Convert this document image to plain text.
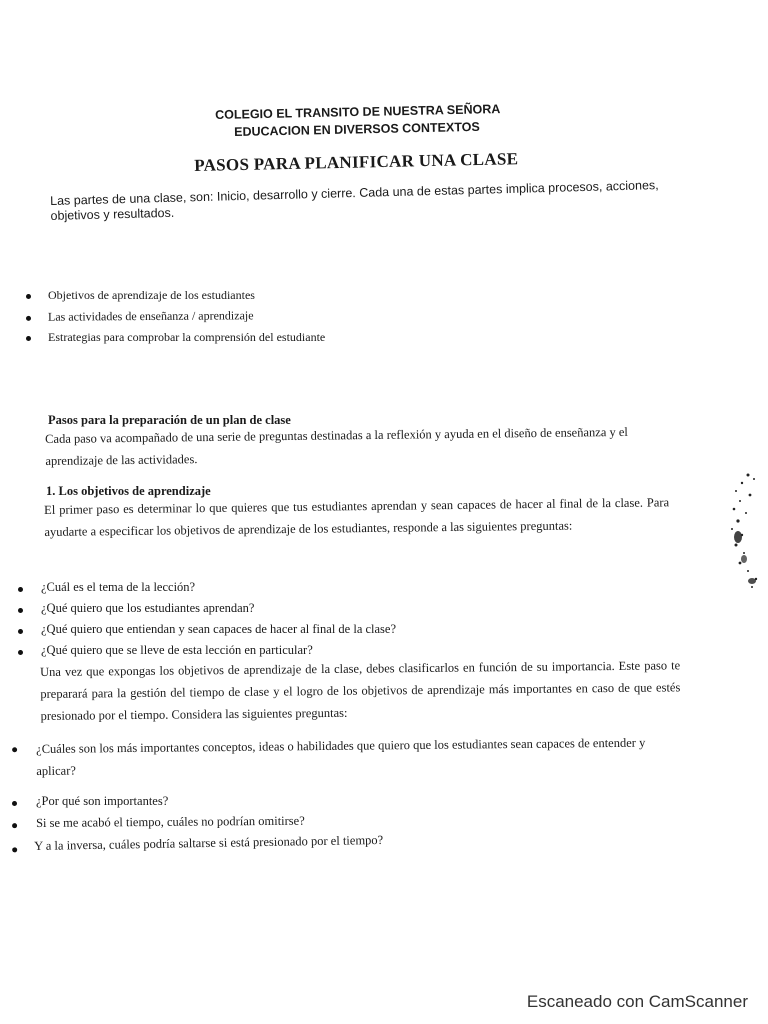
COLEGIO EL TRANSITO DE NUESTRA SEÑORA
EDUCACION EN DIVERSOS CONTEXTOS
PASOS PARA PLANIFICAR UNA CLASE
Las partes de una clase, son: Inicio, desarrollo y cierre. Cada una de estas partes implica procesos, acciones, objetivos y resultados.
Objetivos de aprendizaje de los estudiantes
Las actividades de enseñanza / aprendizaje
Estrategias para comprobar la comprensión del estudiante
Pasos para la preparación de un plan de clase
Cada paso va acompañado de una serie de preguntas destinadas a la reflexión y ayuda en el diseño de enseñanza y el aprendizaje de las actividades.
1. Los objetivos de aprendizaje
El primer paso es determinar lo que quieres que tus estudiantes aprendan y sean capaces de hacer al final de la clase. Para ayudarte a especificar los objetivos de aprendizaje de los estudiantes, responde a las siguientes preguntas:
¿Cuál es el tema de la lección?
¿Qué quiero que los estudiantes aprendan?
¿Qué quiero que entiendan y sean capaces de hacer al final de la clase?
¿Qué quiero que se lleve de esta lección en particular?
Una vez que expongas los objetivos de aprendizaje de la clase, debes clasificarlos en función de su importancia. Este paso te preparará para la gestión del tiempo de clase y el logro de los objetivos de aprendizaje más importantes en caso de que estés presionado por el tiempo. Considera las siguientes preguntas:
¿Cuáles son los más importantes conceptos, ideas o habilidades que quiero que los estudiantes sean capaces de entender y aplicar?
¿Por qué son importantes?
Si se me acabó el tiempo, cuáles no podrían omitirse?
Y a la inversa, cuáles podría saltarse si está presionado por el tiempo?
Escaneado con CamScanner
